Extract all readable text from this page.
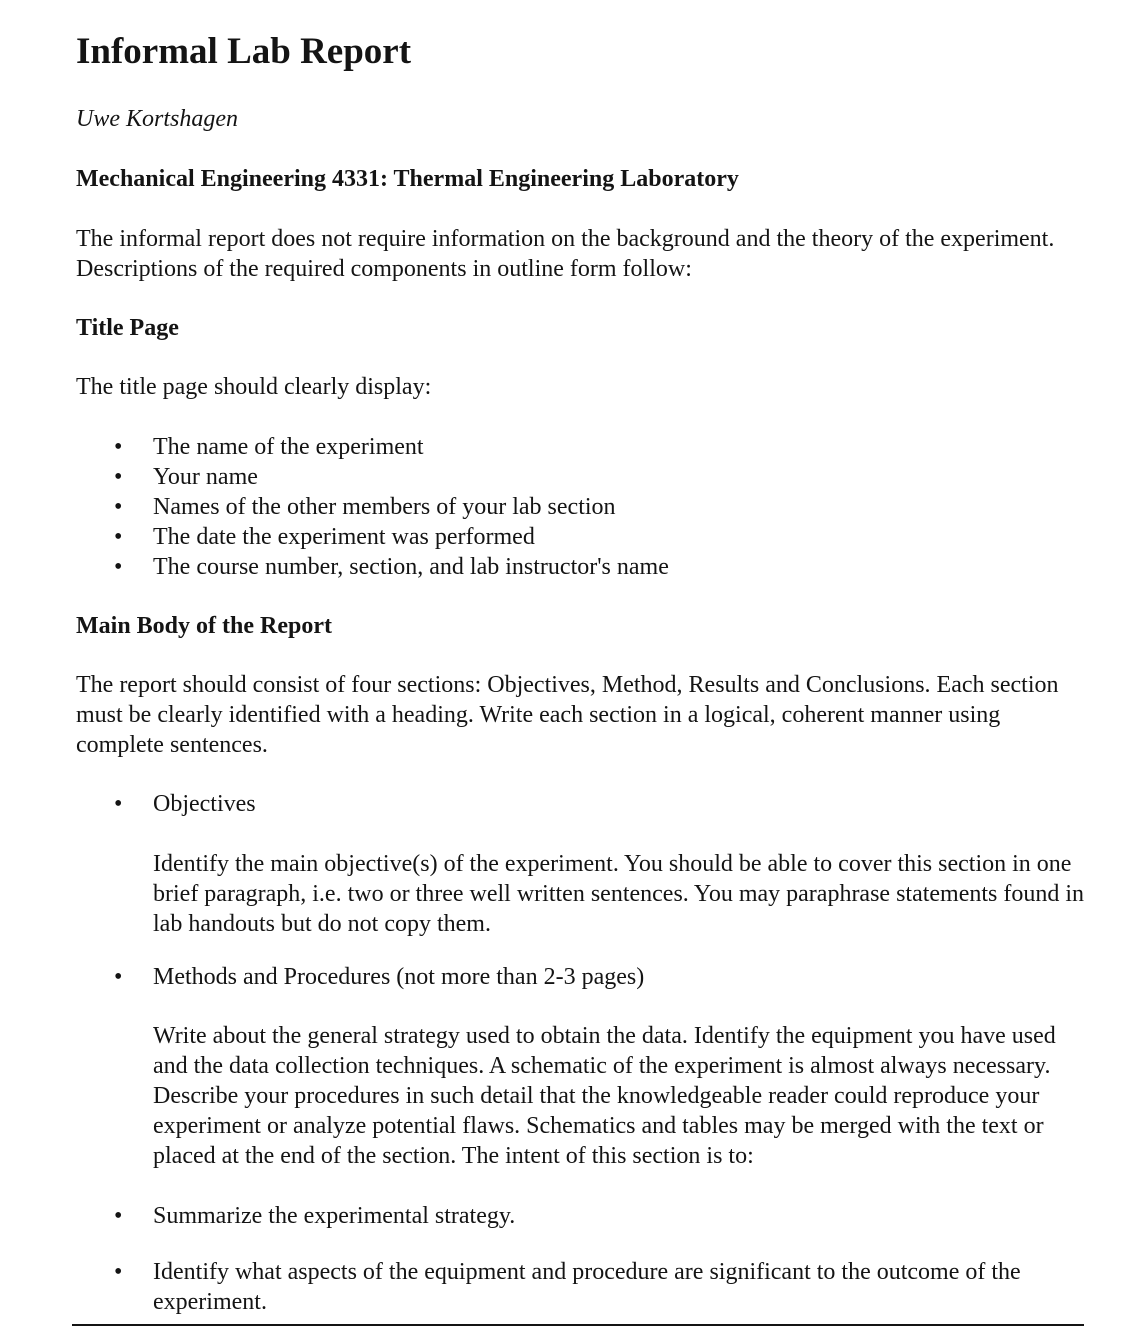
Informal Lab Report

Uwe Kortshagen

Mechanical Engineering 4331: Thermal Engineering Laboratory

The informal report does not require information on the background and the theory of the experiment. Descriptions of the required components in outline form follow:

Title Page

The title page should clearly display:

• The name of the experiment
• Your name
• Names of the other members of your lab section
• The date the experiment was performed
• The course number, section, and lab instructor's name
Main Body of the Report

The report should consist of four sections: Objectives, Method, Results and Conclusions. Each section must be clearly identified with a heading. Write each section in a logical, coherent manner using complete sentences.

• Objectives

Identify the main objective(s) of the experiment. You should be able to cover this section in one brief paragraph, i.e. two or three well written sentences. You may paraphrase statements found in lab handouts but do not copy them.

• Methods and Procedures (not more than 2-3 pages)

Write about the general strategy used to obtain the data. Identify the equipment you have used and the data collection techniques. A schematic of the experiment is almost always necessary. Describe your procedures in such detail that the knowledgeable reader could reproduce your experiment or analyze potential flaws. Schematics and tables may be merged with the text or placed at the end of the section. The intent of this section is to:

• Summarize the experimental strategy.
• Identify what aspects of the equipment and procedure are significant to the outcome of the experiment.
